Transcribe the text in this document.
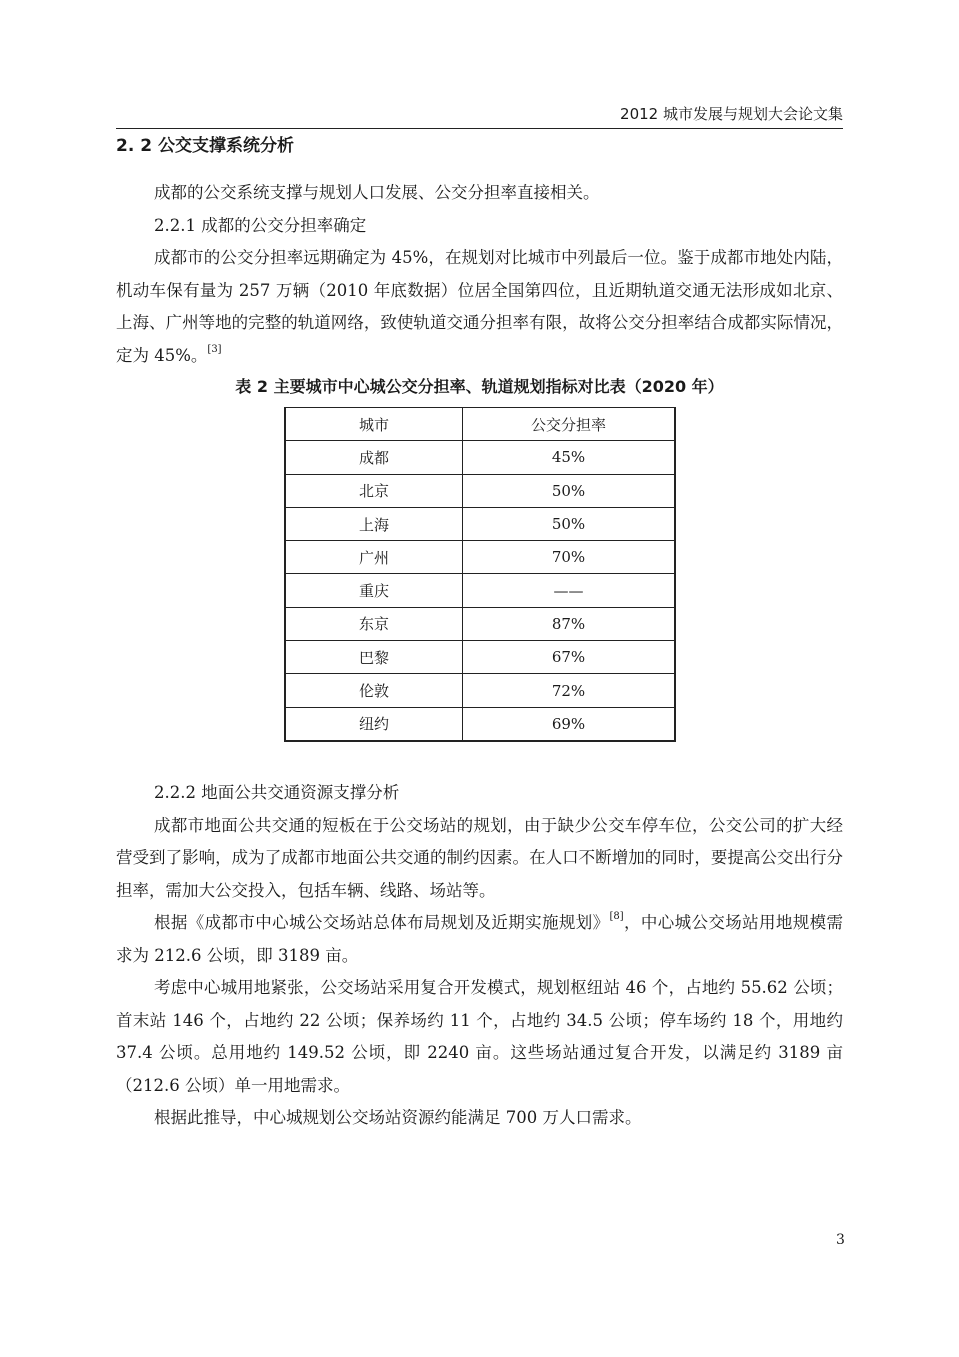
2012 城市发展与规划大会论文集
2. 2 公交支撑系统分析

成都的公交系统支撑与规划人口发展、公交分担率直接相关。

2.2.1 成都的公交分担率确定

成都市的公交分担率远期确定为 45%，在规划对比城市中列最后一位。鉴于成都市地处内陆，机动车保有量为 257 万辆（2010 年底数据）位居全国第四位，且近期轨道交通无法形成如北京、上海、广州等地的完整的轨道网络，致使轨道交通分担率有限，故将公交分担率结合成都实际情况，定为 45%。[3]

表 2 主要城市中心城公交分担率、轨道规划指标对比表（2020 年）
城市	公交分担率
成都	45%
北京	50%
上海	50%
广州	70%
重庆	——
东京	87%
巴黎	67%
伦敦	72%
纽约	69%

2.2.2 地面公共交通资源支撑分析

成都市地面公共交通的短板在于公交场站的规划，由于缺少公交车停车位，公交公司的扩大经营受到了影响，成为了成都市地面公共交通的制约因素。在人口不断增加的同时，要提高公交出行分担率，需加大公交投入，包括车辆、线路、场站等。

根据《成都市中心城公交场站总体布局规划及近期实施规划》[8]，中心城公交场站用地规模需求为 212.6 公顷，即 3189 亩。

考虑中心城用地紧张，公交场站采用复合开发模式，规划枢纽站 46 个，占地约 55.62 公顷；首末站 146 个，占地约 22 公顷；保养场约 11 个，占地约 34.5 公顷；停车场约 18 个，用地约 37.4 公顷。总用地约 149.52 公顷，即 2240 亩。这些场站通过复合开发，以满足约 3189 亩（212.6 公顷）单一用地需求。

根据此推导，中心城规划公交场站资源约能满足 700 万人口需求。

3
